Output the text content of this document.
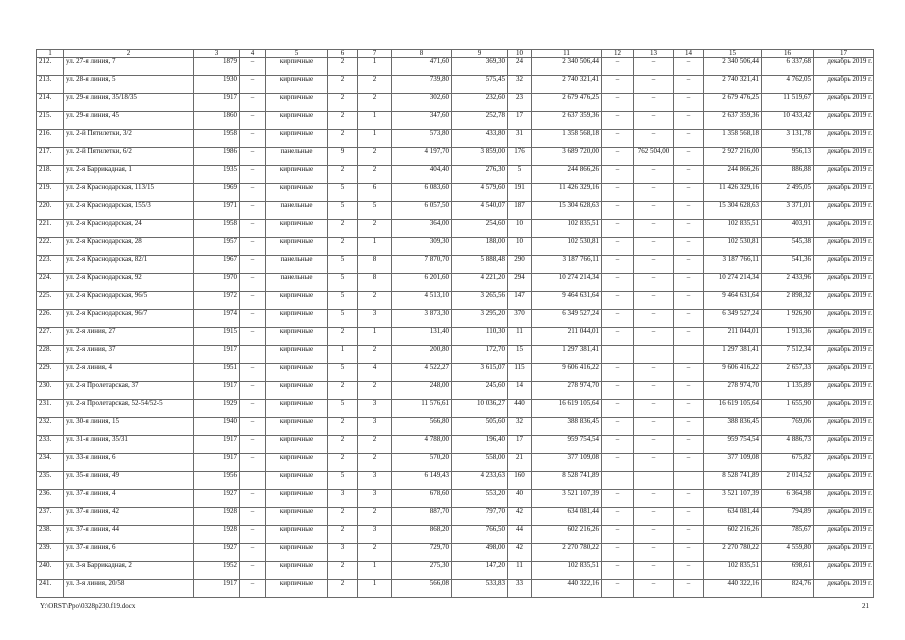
1	2	3	4	5	6	7	8	9	10	11	12	13	14	15	16	17
212.	ул. 27-я линия, 7	1879	–	кирпичные	2	1	471,60	369,30	24	2 340 506,44	–	–	–	2 340 506,44	6 337,68	декабрь 2019 г.
213.	ул. 28-я линия, 5	1930	–	кирпичные	2	2	739,80	575,45	32	2 740 321,41	–	–	–	2 740 321,41	4 762,05	декабрь 2019 г.
214.	ул. 29-я линия, 35/18/35	1917	–	кирпичные	2	2	302,60	232,60	23	2 679 476,25	–	–	–	2 679 476,25	11 519,67	декабрь 2019 г.
215.	ул. 29-я линия, 45	1860	–	кирпичные	2	1	347,60	252,78	17	2 637 359,36	–	–	–	2 637 359,36	10 433,42	декабрь 2019 г.
216.	ул. 2-й Пятилетки, 3/2	1958	–	кирпичные	2	1	573,80	433,80	31	1 358 568,18	–	–	–	1 358 568,18	3 131,78	декабрь 2019 г.
217.	ул. 2-й Пятилетки, 6/2	1986	–	панельные	9	2	4 197,70	3 859,00	176	3 689 720,00	–	762 504,00	–	2 927 216,00	956,13	декабрь 2019 г.
218.	ул. 2-я Баррикадная, 1	1935	–	кирпичные	2	2	404,40	276,30	5	244 866,26	–	–	–	244 866,26	886,88	декабрь 2019 г.
219.	ул. 2-я Краснодарская, 113/15	1969	–	кирпичные	5	6	6 083,60	4 579,60	191	11 426 329,16	–	–	–	11 426 329,16	2 495,05	декабрь 2019 г.
220.	ул. 2-я Краснодарская, 155/3	1971	–	панельные	5	5	6 057,50	4 540,07	187	15 304 628,63	–	–	–	15 304 628,63	3 371,01	декабрь 2019 г.
221.	ул. 2-я Краснодарская, 24	1958	–	кирпичные	2	2	364,00	254,60	10	102 835,51	–	–	–	102 835,51	403,91	декабрь 2019 г.
222.	ул. 2-я Краснодарская, 28	1957	–	кирпичные	2	1	309,30	188,00	10	102 530,81	–	–	–	102 530,81	545,38	декабрь 2019 г.
223.	ул. 2-я Краснодарская, 82/1	1967	–	панельные	5	8	7 870,70	5 888,48	290	3 187 766,11	–	–	–	3 187 766,11	541,36	декабрь 2019 г.
224.	ул. 2-я Краснодарская, 92	1970	–	панельные	5	8	6 201,60	4 221,20	294	10 274 214,34	–	–	–	10 274 214,34	2 433,96	декабрь 2019 г.
225.	ул. 2-я Краснодарская, 96/5	1972	–	кирпичные	5	2	4 513,10	3 265,56	147	9 464 631,64	–	–	–	9 464 631,64	2 898,32	декабрь 2019 г.
226.	ул. 2-я Краснодарская, 96/7	1974	–	кирпичные	5	3	3 873,30	3 295,20	370	6 349 527,24	–	–	–	6 349 527,24	1 926,90	декабрь 2019 г.
227.	ул. 2-я линия, 27	1915	–	кирпичные	2	1	131,40	110,30	11	211 044,01	–	–	–	211 044,01	1 913,36	декабрь 2019 г.
228.	ул. 2-я линия, 37	1917		кирпичные	1	2	200,80	172,70	15	1 297 381,41				1 297 381,41	7 512,34	декабрь 2019 г.
229.	ул. 2-я линия, 4	1951	–	кирпичные	5	4	4 522,27	3 615,07	115	9 606 416,22	–	–	–	9 606 416,22	2 657,33	декабрь 2019 г.
230.	ул. 2-я Пролетарская, 37	1917	–	кирпичные	2	2	248,00	245,60	14	278 974,70	–	–	–	278 974,70	1 135,89	декабрь 2019 г.
231.	ул. 2-я Пролетарская, 52-54/52-5	1929	–	кирпичные	5	3	11 576,61	10 036,27	440	16 619 105,64	–	–	–	16 619 105,64	1 655,90	декабрь 2019 г.
232.	ул. 30-я линия, 15	1940	–	кирпичные	2	3	566,80	505,60	32	388 836,45	–	–	–	388 836,45	769,06	декабрь 2019 г.
233.	ул. 31-я линия, 35/31	1917	–	кирпичные	2	2	4 788,00	196,40	17	959 754,54	–	–	–	959 754,54	4 886,73	декабрь 2019 г.
234.	ул. 33-я линия, 6	1917	–	кирпичные	2	2	570,20	558,00	21	377 109,08	–	–	–	377 109,08	675,82	декабрь 2019 г.
235.	ул. 35-я линия, 49	1956		кирпичные	5	3	6 149,43	4 233,63	160	8 528 741,89				8 528 741,89	2 014,52	декабрь 2019 г.
236.	ул. 37-я линия, 4	1927	–	кирпичные	3	3	678,60	553,20	40	3 521 107,39	–	–	–	3 521 107,39	6 364,98	декабрь 2019 г.
237.	ул. 37-я линия, 42	1928	–	кирпичные	2	2	887,70	797,70	42	634 081,44	–	–	–	634 081,44	794,89	декабрь 2019 г.
238.	ул. 37-я линия, 44	1928	–	кирпичные	2	3	868,20	766,50	44	602 216,26	–	–	–	602 216,26	785,67	декабрь 2019 г.
239.	ул. 37-я линия, 6	1927	–	кирпичные	3	2	729,70	498,00	42	2 270 780,22	–	–	–	2 270 780,22	4 559,80	декабрь 2019 г.
240.	ул. 3-я Баррикадная, 2	1952	–	кирпичные	2	1	275,30	147,20	11	102 835,51	–	–	–	102 835,51	698,61	декабрь 2019 г.
241.	ул. 3-я линия, 20/58	1917	–	кирпичные	2	1	566,08	533,83	33	440 322,16	–	–	–	440 322,16	824,76	декабрь 2019 г.
Y:\ORST\Ppo\0328p230.f19.docx	21
